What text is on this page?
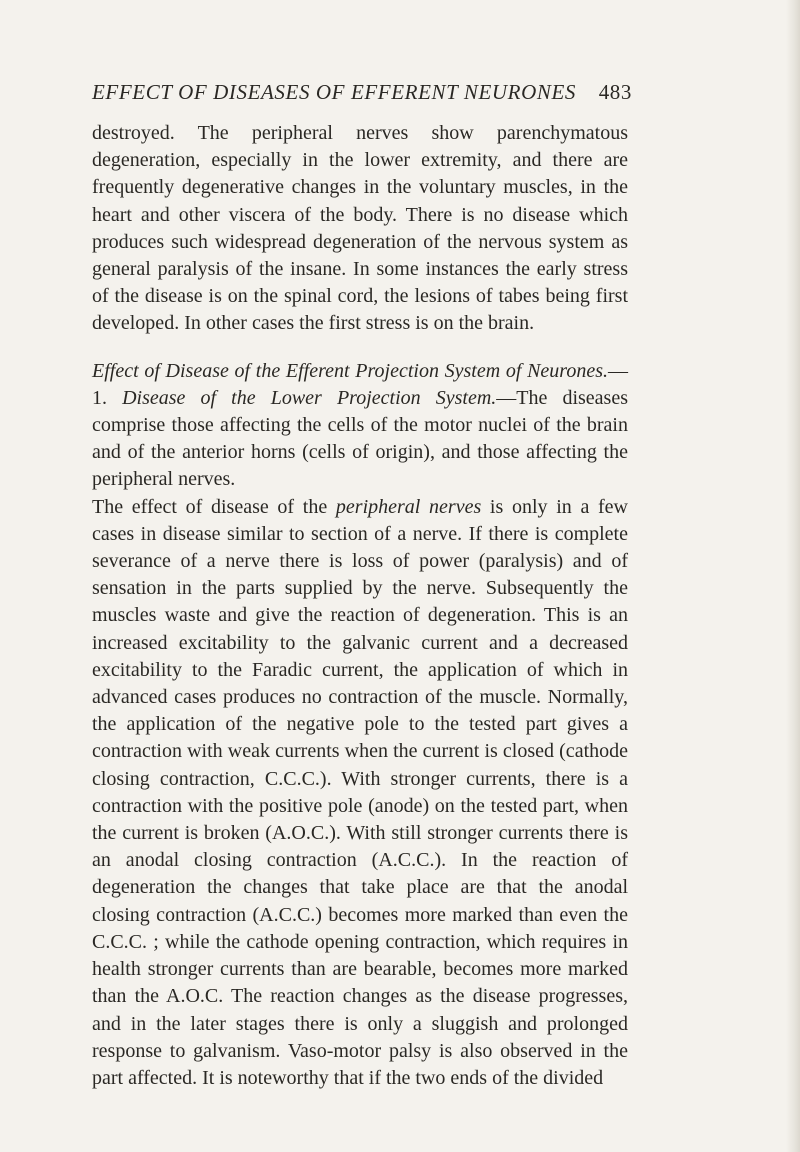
EFFECT OF DISEASES OF EFFERENT NEURONES 483

destroyed. The peripheral nerves show parenchymatous degeneration, especially in the lower extremity, and there are frequently degenerative changes in the voluntary muscles, in the heart and other viscera of the body. There is no disease which produces such widespread degeneration of the nervous system as general paralysis of the insane. In some instances the early stress of the disease is on the spinal cord, the lesions of tabes being first developed. In other cases the first stress is on the brain.

Effect of Disease of the Efferent Projection System of Neurones.—1. Disease of the Lower Projection System.—The diseases comprise those affecting the cells of the motor nuclei of the brain and of the anterior horns (cells of origin), and those affecting the peripheral nerves.

The effect of disease of the peripheral nerves is only in a few cases in disease similar to section of a nerve. If there is complete severance of a nerve there is loss of power (paralysis) and of sensation in the parts supplied by the nerve. Subsequently the muscles waste and give the reaction of degeneration. This is an increased excitability to the galvanic current and a decreased excitability to the Faradic current, the application of which in advanced cases produces no contraction of the muscle. Normally, the application of the negative pole to the tested part gives a contraction with weak currents when the current is closed (cathode closing contraction, C.C.C.). With stronger currents, there is a contraction with the positive pole (anode) on the tested part, when the current is broken (A.O.C.). With still stronger currents there is an anodal closing contraction (A.C.C.). In the reaction of degeneration the changes that take place are that the anodal closing contraction (A.C.C.) becomes more marked than even the C.C.C. ; while the cathode opening contraction, which requires in health stronger currents than are bearable, becomes more marked than the A.O.C. The reaction changes as the disease progresses, and in the later stages there is only a sluggish and prolonged response to galvanism. Vaso-motor palsy is also observed in the part affected. It is noteworthy that if the two ends of the divided
